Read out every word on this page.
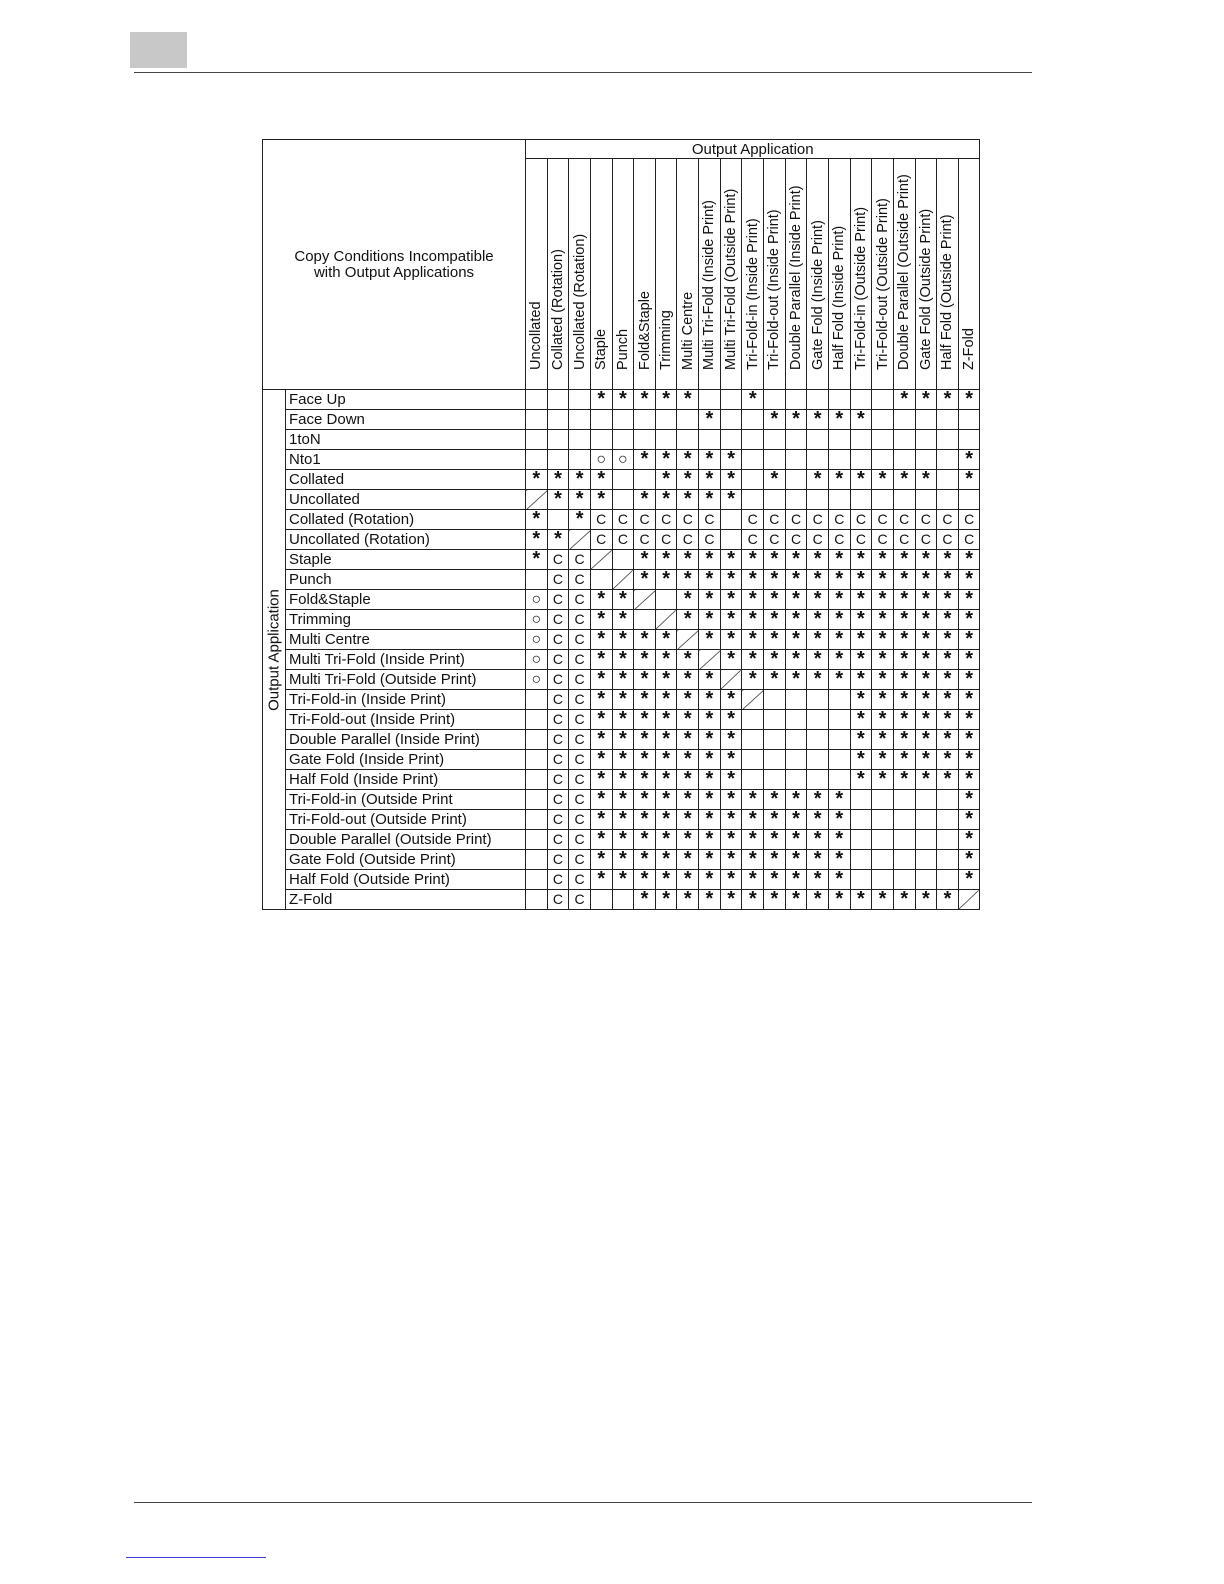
Copy Conditions Incompatible
with Output Applications		Output Application																				

		Uncollated	Collated (Rotation)	Uncollated (Rotation)	Staple	Punch	Fold&Staple	Trimming	Multi Centre	Multi Tri-Fold (Inside Print)	Multi Tri-Fold (Outside Print)	Tri-Fold-in (Inside Print)	Tri-Fold-out (Inside Print)	Double Parallel (Inside Print)	Gate Fold (Inside Print)	Half Fold (Inside Print)	Tri-Fold-in (Outside Print)	Tri-Fold-out (Outside Print)	Double Parallel (Outside Print)	Gate Fold (Outside Print)	Half Fold (Outside Print)	Z-Fold

Output Application	Face Up				*	*	*	*	*			*							*	*	*	*
	Face Down									*			*	*	*	*	*					
	1toN																					
	Nto1				○	○	*	*	*	*	*											*
	Collated	*	*	*	*			*	*	*	*		*		*	*	*	*	*	*		*
	Uncollated		*	*	*		*	*	*	*	*											
	Collated (Rotation)	*		*	C	C	C	C	C	C		C	C	C	C	C	C	C	C	C	C	C
	Uncollated (Rotation)	*	*		C	C	C	C	C	C		C	C	C	C	C	C	C	C	C	C	C
	Staple	*	C	C			*	*	*	*	*	*	*	*	*	*	*	*	*	*	*	*
	Punch		C	C			*	*	*	*	*	*	*	*	*	*	*	*	*	*	*	*
	Fold&Staple	○	C	C	*	*			*	*	*	*	*	*	*	*	*	*	*	*	*	*
	Trimming	○	C	C	*	*			*	*	*	*	*	*	*	*	*	*	*	*	*	*
	Multi Centre	○	C	C	*	*	*	*		*	*	*	*	*	*	*	*	*	*	*	*	*
	Multi Tri-Fold (Inside Print)	○	C	C	*	*	*	*	*		*	*	*	*	*	*	*	*	*	*	*	*
	Multi Tri-Fold (Outside Print)	○	C	C	*	*	*	*	*	*		*	*	*	*	*	*	*	*	*	*	*
	Tri-Fold-in (Inside Print)		C	C	*	*	*	*	*	*	*						*	*	*	*	*	*
	Tri-Fold-out (Inside Print)		C	C	*	*	*	*	*	*	*						*	*	*	*	*	*
	Double Parallel (Inside Print)		C	C	*	*	*	*	*	*	*						*	*	*	*	*	*
	Gate Fold (Inside Print)		C	C	*	*	*	*	*	*	*						*	*	*	*	*	*
	Half Fold (Inside Print)		C	C	*	*	*	*	*	*	*						*	*	*	*	*	*
	Tri-Fold-in (Outside Print		C	C	*	*	*	*	*	*	*	*	*	*	*	*						*
	Tri-Fold-out (Outside Print)		C	C	*	*	*	*	*	*	*	*	*	*	*	*						*
	Double Parallel (Outside Print)		C	C	*	*	*	*	*	*	*	*	*	*	*	*						*
	Gate Fold (Outside Print)		C	C	*	*	*	*	*	*	*	*	*	*	*	*						*
	Half Fold (Outside Print)		C	C	*	*	*	*	*	*	*	*	*	*	*	*						*
	Z-Fold		C	C			*	*	*	*	*	*	*	*	*	*	*	*	*	*	*	
